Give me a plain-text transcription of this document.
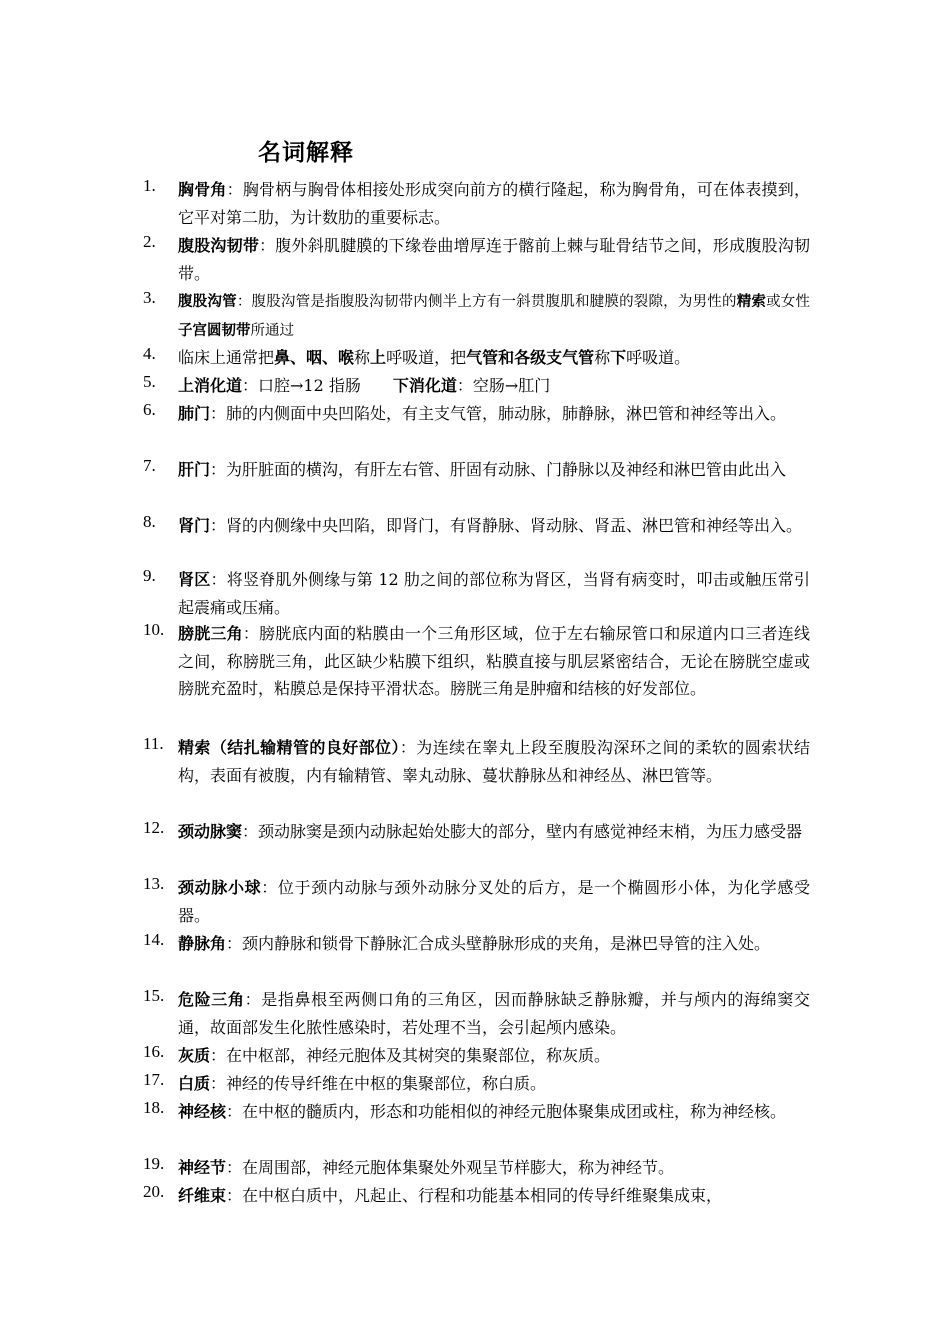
名词解释
1. 胸骨角：胸骨柄与胸骨体相接处形成突向前方的横行隆起，称为胸骨角，可在体表摸到，它平对第二肋，为计数肋的重要标志。
2. 腹股沟韧带：腹外斜肌腱膜的下缘卷曲增厚连于髂前上棘与耻骨结节之间，形成腹股沟韧带。
3. 腹股沟管：腹股沟管是指腹股沟韧带内侧半上方有一斜贯腹肌和腱膜的裂隙，为男性的精索或女性子宫圆韧带所通过
4. 临床上通常把鼻、咽、喉称上呼吸道，把气管和各级支气管称下呼吸道。
5. 上消化道：口腔→12 指肠　　下消化道：空肠→肛门
6. 肺门：肺的内侧面中央凹陷处，有主支气管，肺动脉，肺静脉，淋巴管和神经等出入。
7. 肝门：为肝脏面的横沟，有肝左右管、肝固有动脉、门静脉以及神经和淋巴管由此出入
8. 肾门：肾的内侧缘中央凹陷，即肾门，有肾静脉、肾动脉、肾盂、淋巴管和神经等出入。
9. 肾区：将竖脊肌外侧缘与第 12 肋之间的部位称为肾区，当肾有病变时，叩击或触压常引起震痛或压痛。
10. 膀胱三角：膀胱底内面的粘膜由一个三角形区域，位于左右输尿管口和尿道内口三者连线之间，称膀胱三角，此区缺少粘膜下组织，粘膜直接与肌层紧密结合，无论在膀胱空虚或膀胱充盈时，粘膜总是保持平滑状态。膀胱三角是肿瘤和结核的好发部位。
11. 精索（结扎输精管的良好部位）：为连续在睾丸上段至腹股沟深环之间的柔软的圆索状结构，表面有被腹，内有输精管、睾丸动脉、蔓状静脉丛和神经丛、淋巴管等。
12. 颈动脉窦：颈动脉窦是颈内动脉起始处膨大的部分，壁内有感觉神经末梢，为压力感受器
13. 颈动脉小球：位于颈内动脉与颈外动脉分叉处的后方，是一个椭圆形小体，为化学感受器。
14. 静脉角：颈内静脉和锁骨下静脉汇合成头壁静脉形成的夹角，是淋巴导管的注入处。
15. 危险三角：是指鼻根至两侧口角的三角区，因而静脉缺乏静脉瓣，并与颅内的海绵窦交通，故面部发生化脓性感染时，若处理不当，会引起颅内感染。
16. 灰质：在中枢部，神经元胞体及其树突的集聚部位，称灰质。
17. 白质：神经的传导纤维在中枢的集聚部位，称白质。
18. 神经核：在中枢的髓质内，形态和功能相似的神经元胞体聚集成团或柱，称为神经核。
19. 神经节：在周围部，神经元胞体集聚处外观呈节样膨大，称为神经节。
20. 纤维束：在中枢白质中，凡起止、行程和功能基本相同的传导纤维聚集成束，
